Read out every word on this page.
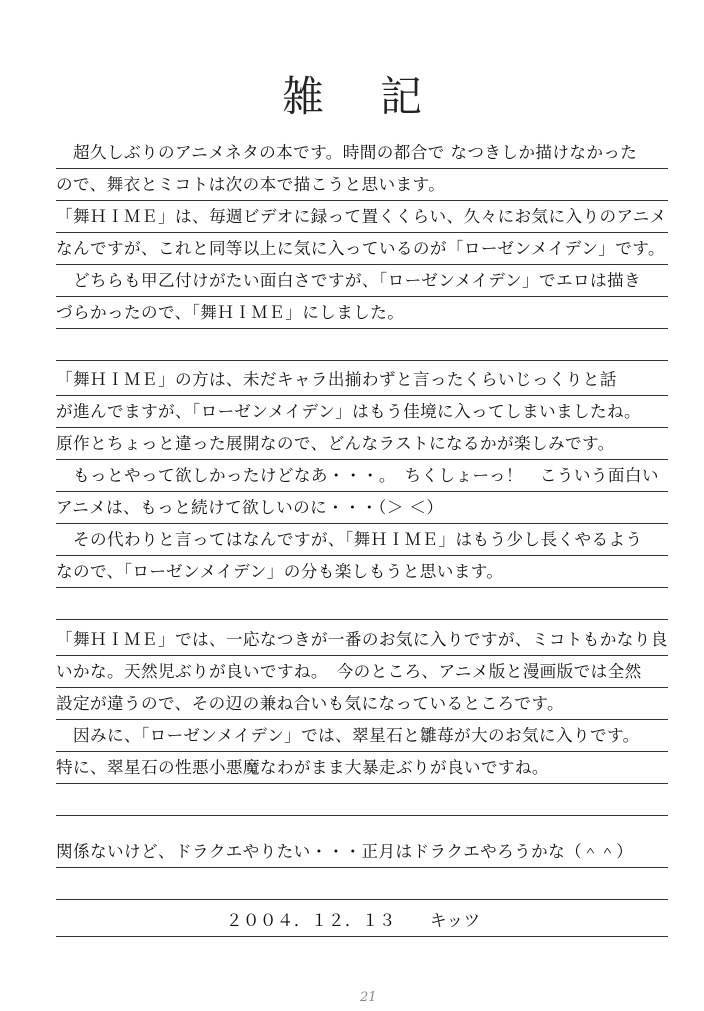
雑記
　超久しぶりのアニメネタの本です。時間の都合で なつきしか描けなかった
ので、舞衣とミコトは次の本で描こうと思います。
「舞ＨＩＭＥ」は、毎週ビデオに録って置くくらい、久々にお気に入りのアニメ
なんですが、これと同等以上に気に入っているのが「ローゼンメイデン」です。
　どちらも甲乙付けがたい面白さですが、「ローゼンメイデン」でエロは描き
づらかったので、「舞ＨＩＭＥ」にしました。
「舞ＨＩＭＥ」の方は、未だキャラ出揃わずと言ったくらいじっくりと話
が進んでますが、「ローゼンメイデン」はもう佳境に入ってしまいましたね。
原作とちょっと違った展開なので、どんなラストになるかが楽しみです。
　もっとやって欲しかったけどなあ・・・。　ちくしょーっ！　こういう面白い
アニメは、もっと続けて欲しいのに・・・（＞ ＜）
　その代わりと言ってはなんですが、「舞ＨＩＭＥ」はもう少し長くやるよう
なので、「ローゼンメイデン」の分も楽しもうと思います。
「舞ＨＩＭＥ」では、一応なつきが一番のお気に入りですが、ミコトもかなり良
いかな。天然児ぶりが良いですね。　今のところ、アニメ版と漫画版では全然
設定が違うので、その辺の兼ね合いも気になっているところです。
　因みに、「ローゼンメイデン」では、翠星石と雛苺が大のお気に入りです。
特に、翠星石の性悪小悪魔なわがまま大暴走ぶりが良いですね。
関係ないけど、ドラクエやりたい・・・正月はドラクエやろうかな（＾＾）
　　　　　　　　　　２００４．１２．１３　　キッツ
21
